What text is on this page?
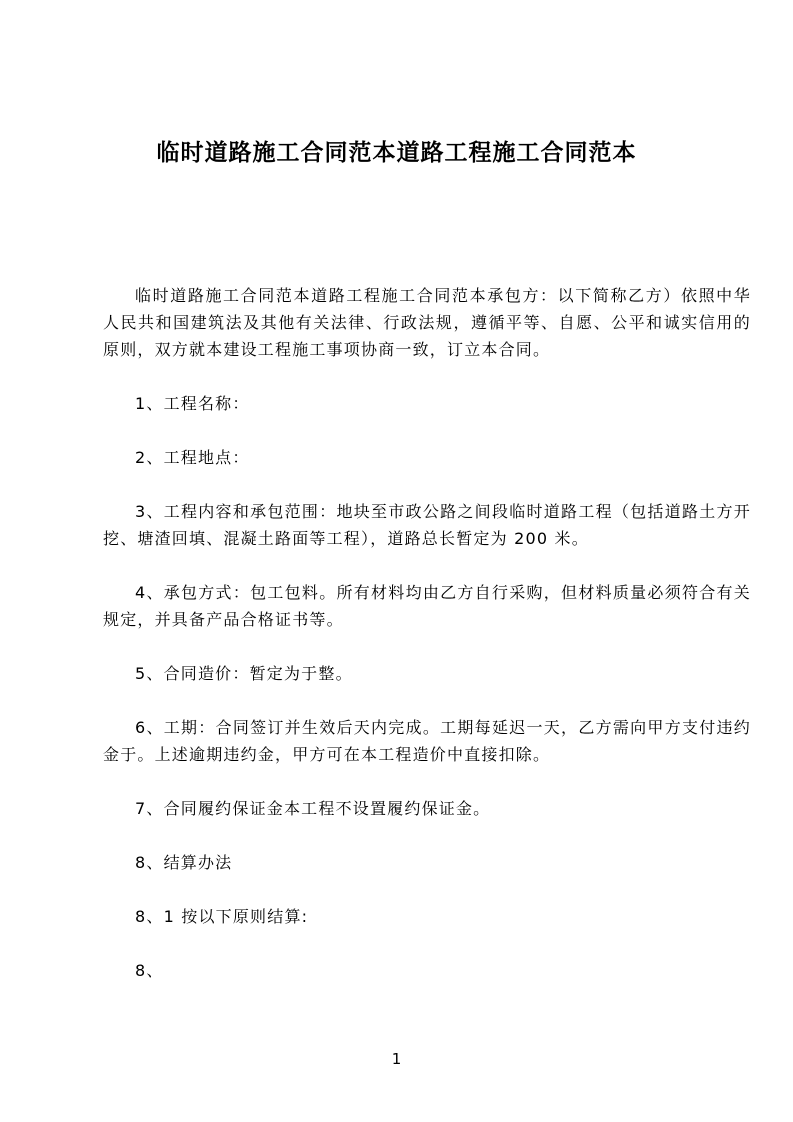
临时道路施工合同范本道路工程施工合同范本

临时道路施工合同范本道路工程施工合同范本承包方：以下简称乙方）依照中华人民共和国建筑法及其他有关法律、行政法规，遵循平等、自愿、公平和诚实信用的原则，双方就本建设工程施工事项协商一致，订立本合同。

1、工程名称：

2、工程地点：

3、工程内容和承包范围：地块至市政公路之间段临时道路工程（包括道路土方开挖、塘渣回填、混凝土路面等工程），道路总长暂定为 200 米。

4、承包方式：包工包料。所有材料均由乙方自行采购，但材料质量必须符合有关规定，并具备产品合格证书等。

5、合同造价：暂定为于整。

6、工期：合同签订并生效后天内完成。工期每延迟一天，乙方需向甲方支付违约金于。上述逾期违约金，甲方可在本工程造价中直接扣除。

7、合同履约保证金本工程不设置履约保证金。

8、结算办法

8、1 按以下原则结算:

8、

1
